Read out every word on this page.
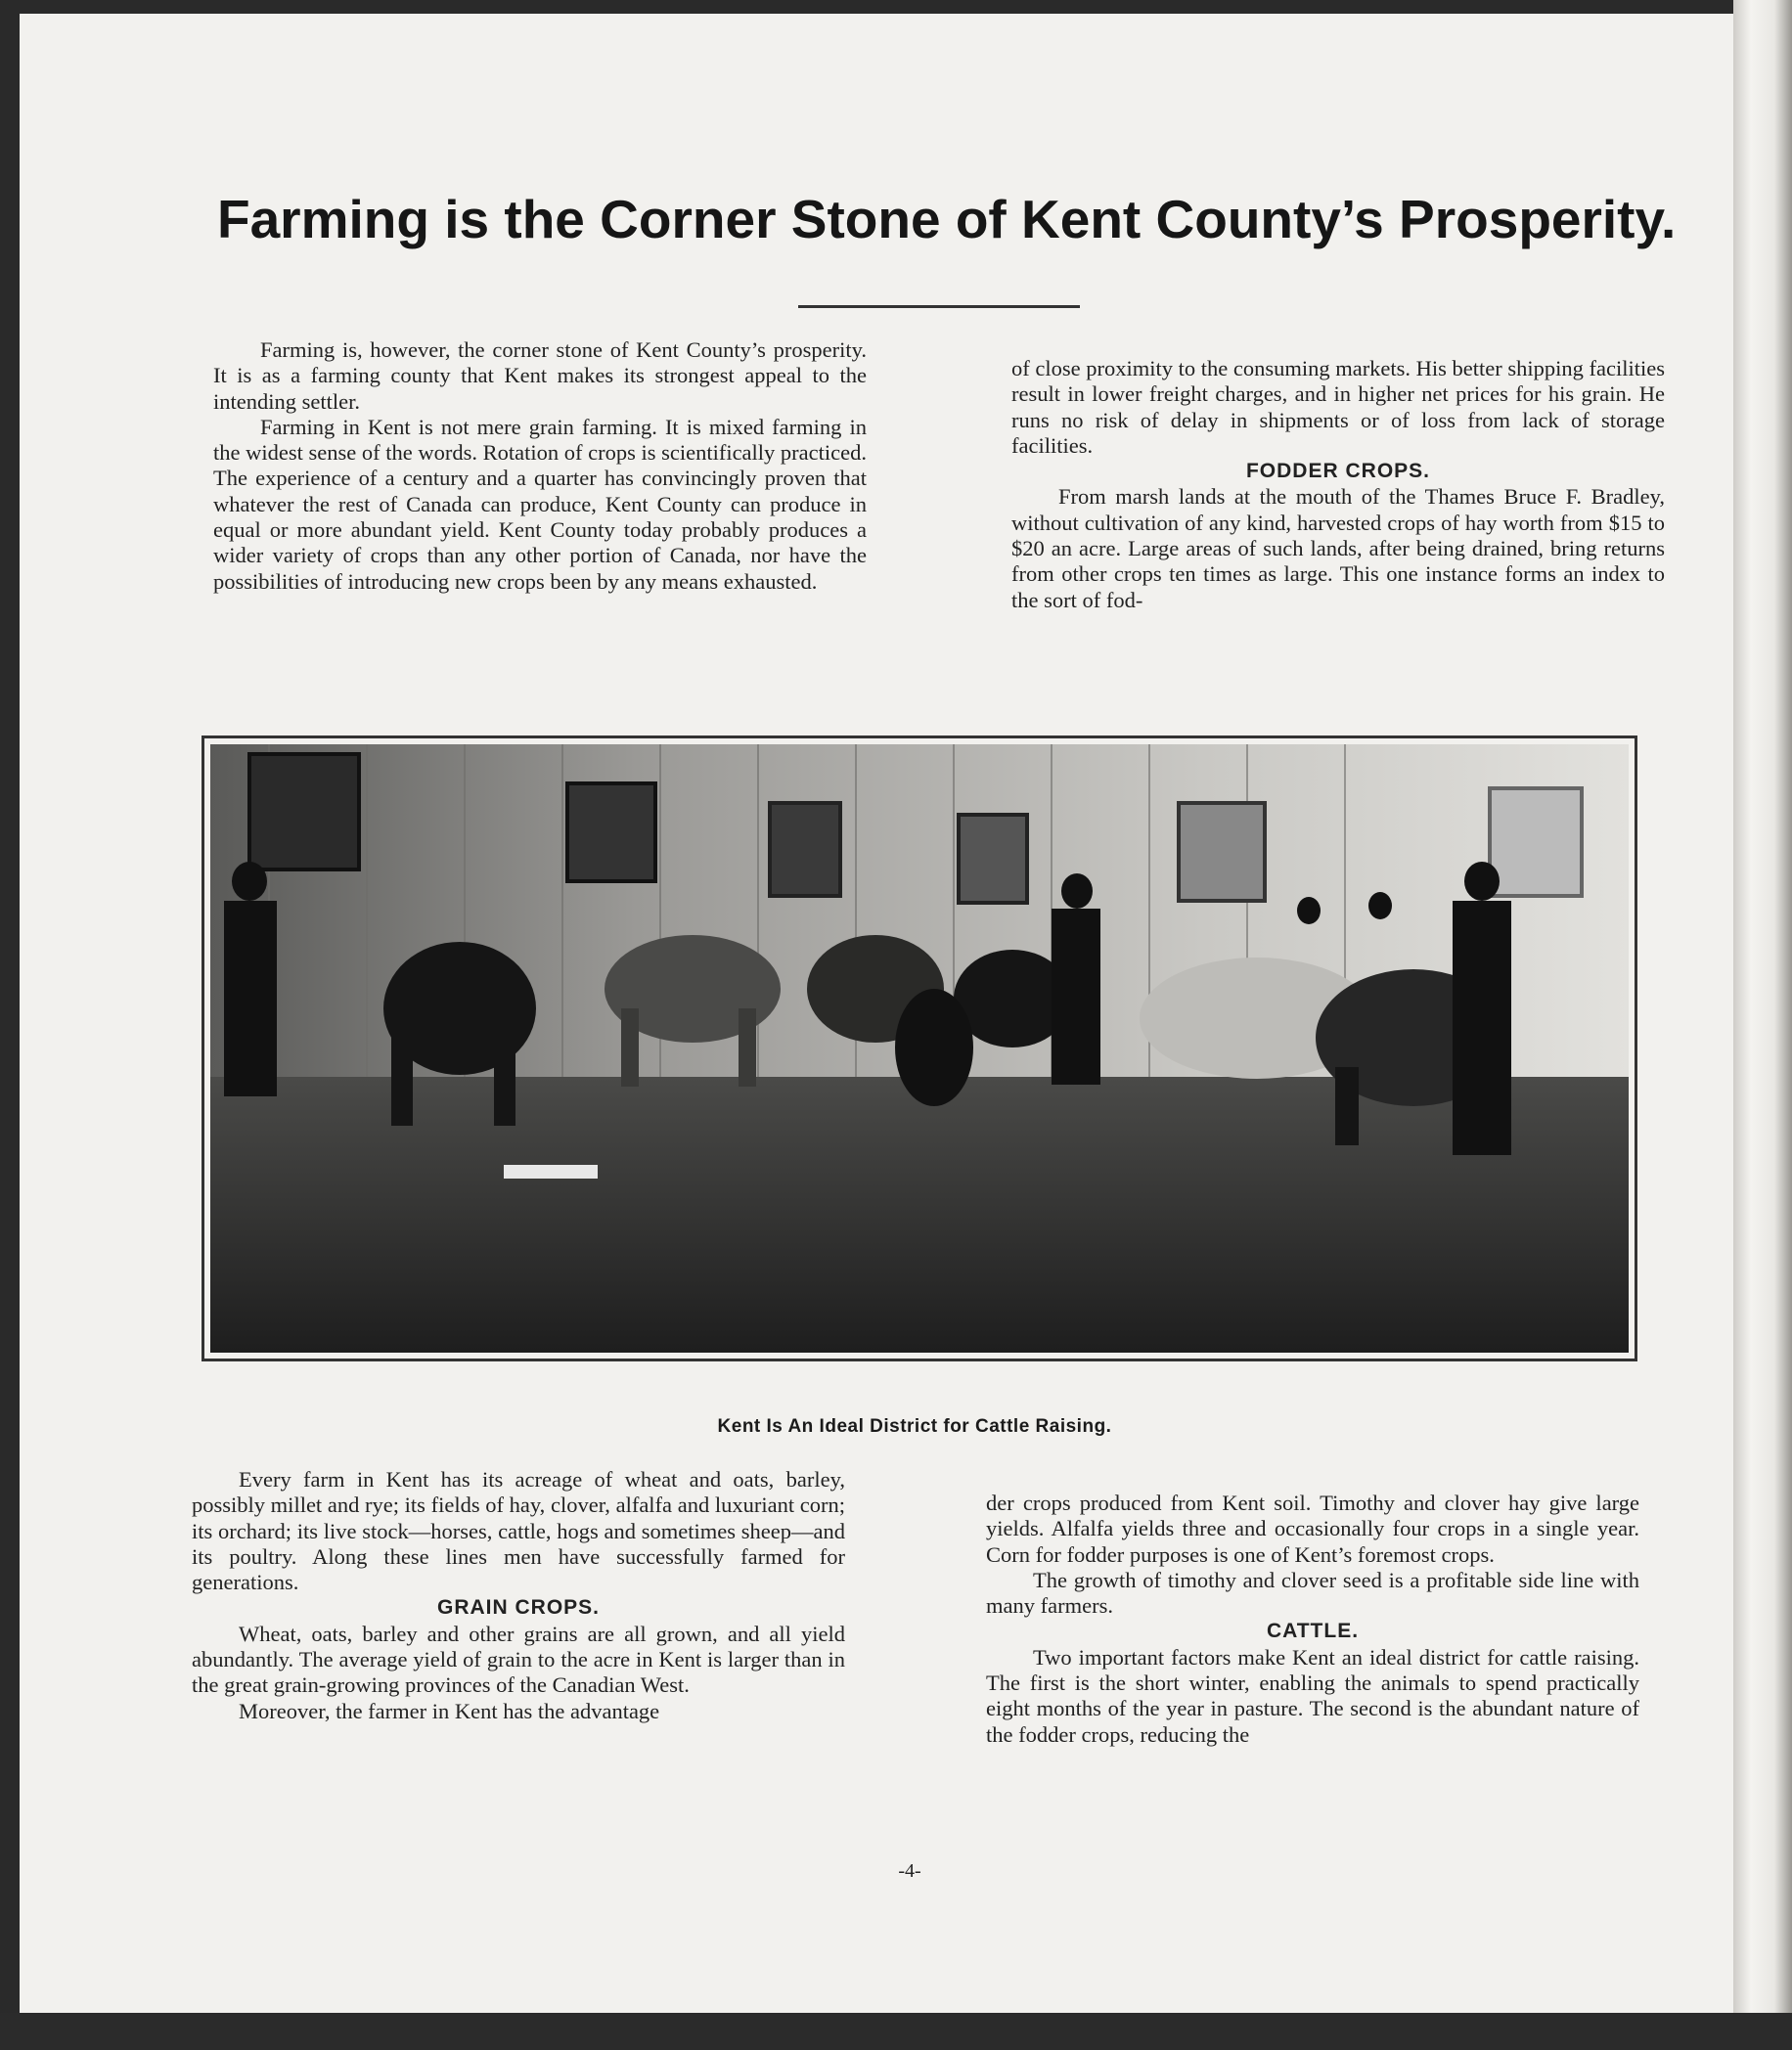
Farming is the Corner Stone of Kent County’s Prosperity.

Farming is, however, the corner stone of Kent County’s prosperity. It is as a farming county that Kent makes its strongest appeal to the intending settler.

Farming in Kent is not mere grain farming. It is mixed farming in the widest sense of the words. Rotation of crops is scientifically practiced. The experience of a century and a quarter has convincingly proven that whatever the rest of Canada can produce, Kent County can produce in equal or more abundant yield. Kent County today probably produces a wider variety of crops than any other portion of Canada, nor have the possibilities of introducing new crops been by any means exhausted.

of close proximity to the consuming markets. His better shipping facilities result in lower freight charges, and in higher net prices for his grain. He runs no risk of delay in shipments or of loss from lack of storage facilities.

FODDER CROPS.

From marsh lands at the mouth of the Thames Bruce F. Bradley, without cultivation of any kind, harvested crops of hay worth from $15 to $20 an acre. Large areas of such lands, after being drained, bring returns from other crops ten times as large. This one instance forms an index to the sort of fod-

Kent Is An Ideal District for Cattle Raising.

Every farm in Kent has its acreage of wheat and oats, barley, possibly millet and rye; its fields of hay, clover, alfalfa and luxuriant corn; its orchard; its live stock—horses, cattle, hogs and sometimes sheep—and its poultry. Along these lines men have successfully farmed for generations.

GRAIN CROPS.

Wheat, oats, barley and other grains are all grown, and all yield abundantly. The average yield of grain to the acre in Kent is larger than in the great grain-growing provinces of the Canadian West.

Moreover, the farmer in Kent has the advantage

der crops produced from Kent soil. Timothy and clover hay give large yields. Alfalfa yields three and occasionally four crops in a single year. Corn for fodder purposes is one of Kent’s foremost crops.

The growth of timothy and clover seed is a profitable side line with many farmers.

CATTLE.

Two important factors make Kent an ideal district for cattle raising. The first is the short winter, enabling the animals to spend practically eight months of the year in pasture. The second is the abundant nature of the fodder crops, reducing the

-4-
